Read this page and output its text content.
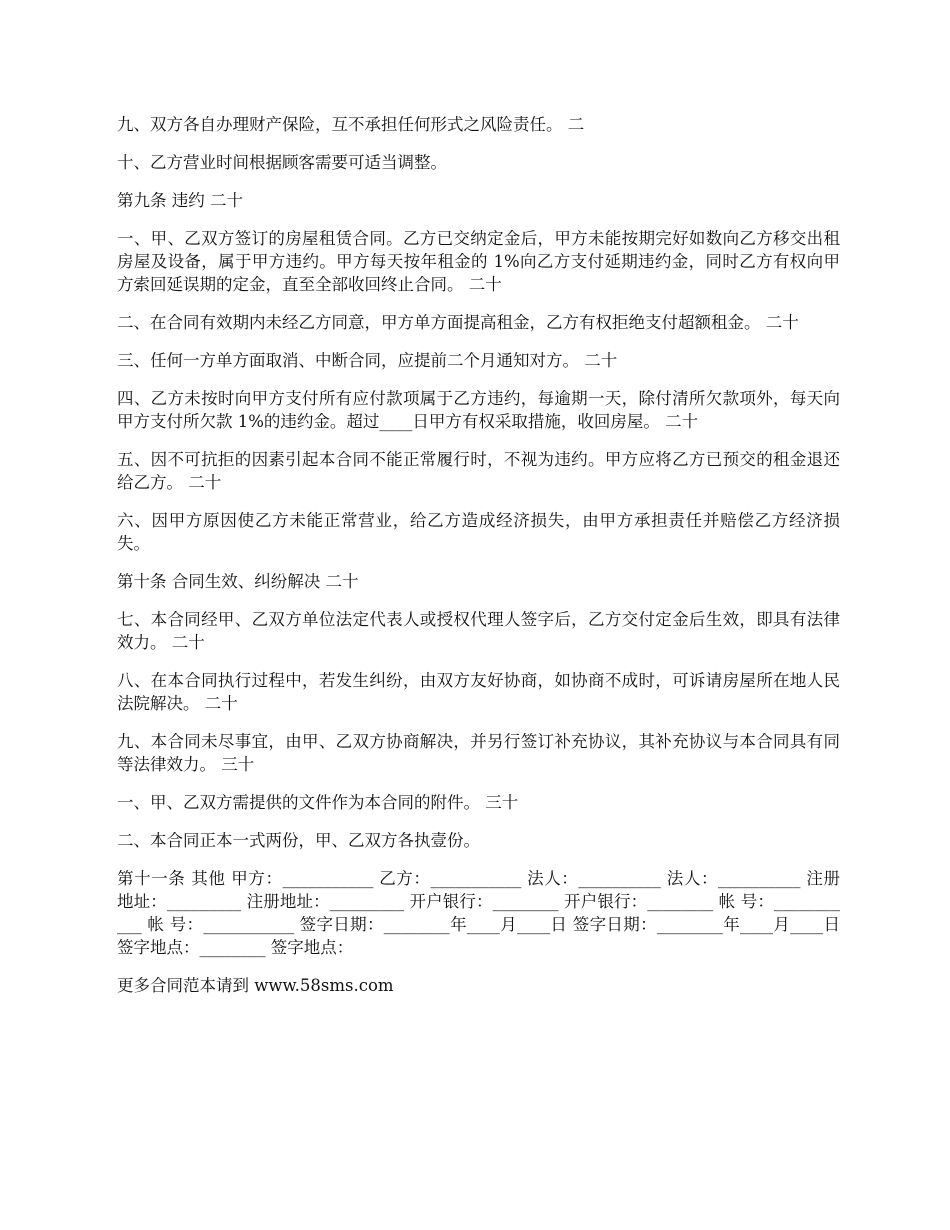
九、双方各自办理财产保险，互不承担任何形式之风险责任。 二

十、乙方营业时间根据顾客需要可适当调整。

第九条 违约 二十

一、甲、乙双方签订的房屋租赁合同。乙方已交纳定金后，甲方未能按期完好如数向乙方移交出租房屋及设备，属于甲方违约。甲方每天按年租金的 1%向乙方支付延期违约金，同时乙方有权向甲方索回延误期的定金，直至全部收回终止合同。 二十

二、在合同有效期内未经乙方同意，甲方单方面提高租金，乙方有权拒绝支付超额租金。 二十

三、任何一方单方面取消、中断合同，应提前二个月通知对方。 二十

四、乙方未按时向甲方支付所有应付款项属于乙方违约，每逾期一天，除付清所欠款项外，每天向甲方支付所欠款 1%的违约金。超过____日甲方有权采取措施，收回房屋。 二十

五、因不可抗拒的因素引起本合同不能正常履行时，不视为违约。甲方应将乙方已预交的租金退还给乙方。 二十

六、因甲方原因使乙方未能正常营业，给乙方造成经济损失，由甲方承担责任并赔偿乙方经济损失。

第十条 合同生效、纠纷解决 二十

七、本合同经甲、乙双方单位法定代表人或授权代理人签字后，乙方交付定金后生效，即具有法律效力。 二十

八、在本合同执行过程中，若发生纠纷，由双方友好协商，如协商不成时，可诉请房屋所在地人民法院解决。 二十

九、本合同未尽事宜，由甲、乙双方协商解决，并另行签订补充协议，其补充协议与本合同具有同等法律效力。 三十

一、甲、乙双方需提供的文件作为本合同的附件。 三十

二、本合同正本一式两份，甲、乙双方各执壹份。

第十一条 其他 甲方：___________ 乙方：___________ 法人：__________ 法人：__________ 注册地址：_________ 注册地址：_________ 开户银行：________ 开户银行：________ 帐 号：___________ 帐 号：___________ 签字日期：________年____月____日 签字日期：________年____月____日 签字地点：________ 签字地点：

更多合同范本请到 www.58sms.com
